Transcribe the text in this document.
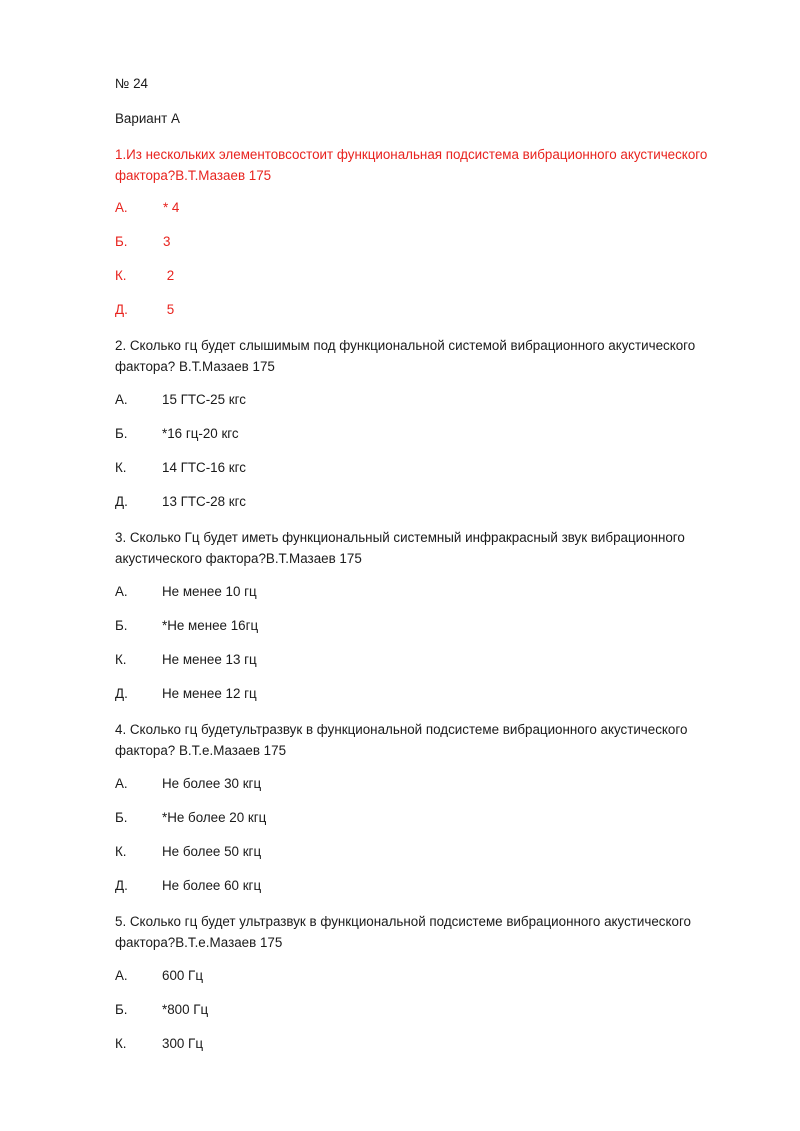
№ 24
Вариант А
1.Из нескольких элементовсостоит функциональная подсистема вибрационного акустического фактора?В.Т.Мазаев 175
А.	* 4
Б.	3
К.	2
Д.	5
2. Сколько гц будет слышимым под функциональной системой вибрационного акустического фактора? В.Т.Мазаев 175
А.	15 ГТС-25 кгс
Б.	*16 гц-20 кгс
К.	14 ГТС-16 кгс
Д.	13 ГТС-28 кгс
3. Сколько Гц будет иметь функциональный системный инфракрасный звук вибрационного акустического фактора?В.Т.Мазаев 175
А.	Не менее 10 гц
Б.	*Не менее 16гц
К.	Не менее 13 гц
Д.	Не менее 12 гц
4. Сколько гц будетультразвук в функциональной подсистеме вибрационного акустического фактора? В.Т.е.Мазаев 175
А.	Не более 30 кгц
Б.	*Не более 20 кгц
К.	Не более 50 кгц
Д.	Не более 60 кгц
5. Сколько гц будет ультразвук в функциональной подсистеме вибрационного акустического фактора?В.Т.е.Мазаев 175
А.	600 Гц
Б.	*800 Гц
К.	300 Гц
